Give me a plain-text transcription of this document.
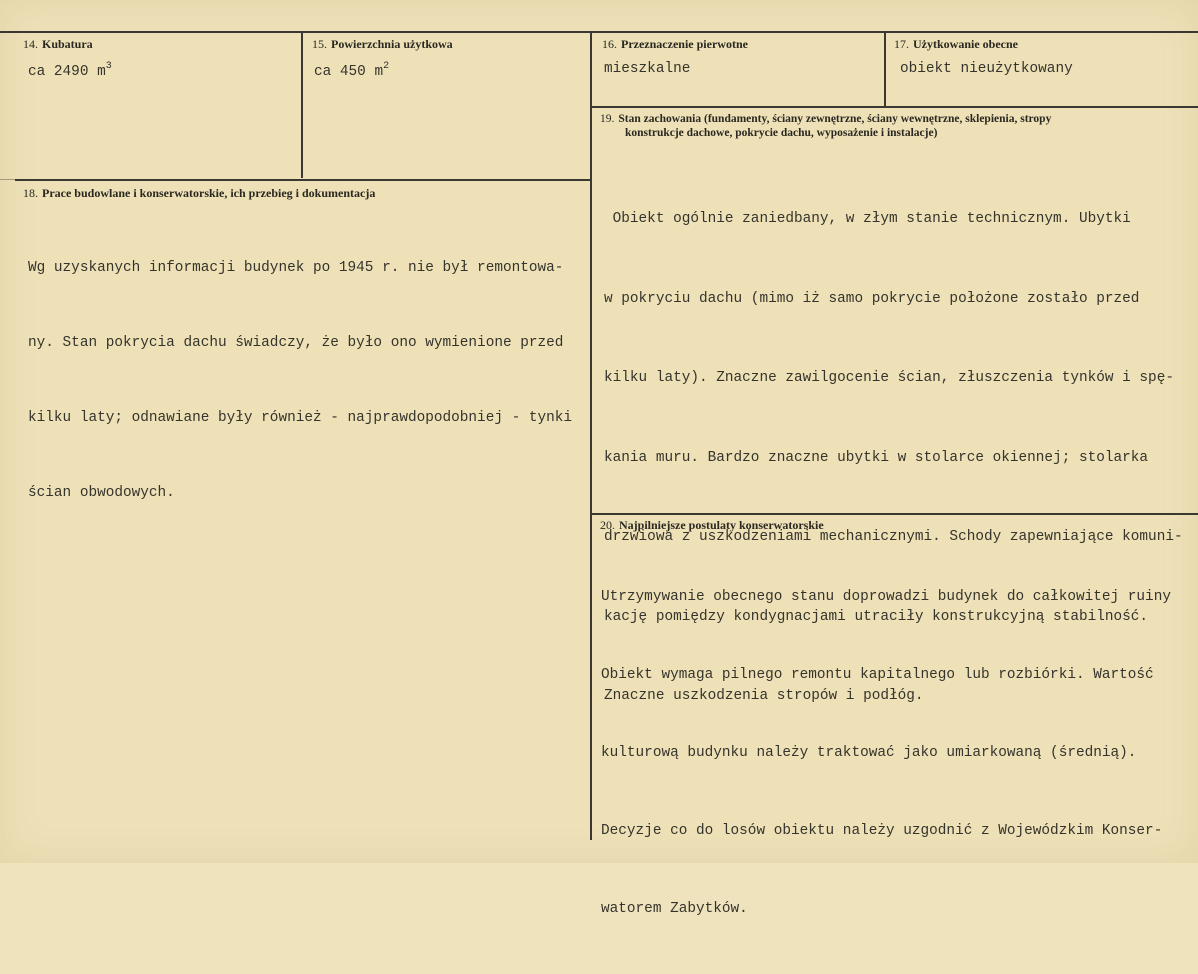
14. Kubatura
ca 2490 $m^3$
15. Powierzchnia użytkowa
ca 450 $m^2$
16. Przeznaczenie pierwotne
mieszkalne
17. Użytkowanie obecne
obiekt nieużytkowany
19. Stan zachowania (fundamenty, ściany zewnętrzne, ściany wewnętrzne, sklepienia, stropy
konstrukcje dachowe, pokrycie dachu, wyposażenie i instalacje)

Obiekt ogólnie zaniedbany, w złym stanie technicznym. Ubytki

w pokryciu dachu (mimo iż samo pokrycie położone zostało przed

kilku laty). Znaczne zawilgocenie ścian, złuszczenia tynków i spę-

kania muru. Bardzo znaczne ubytki w stolarce okiennej; stolarka

drzwiowa z uszkodzeniami mechanicznymi. Schody zapewniające komuni-

kację pomiędzy kondygnacjami utraciły konstrukcyjną stabilność.

Znaczne uszkodzenia stropów i podłóg.

18. Prace budowlane i konserwatorskie, ich przebieg i dokumentacja

Wg uzyskanych informacji budynek po 1945 r. nie był remontowa-

ny. Stan pokrycia dachu świadczy, że było ono wymienione przed

kilku laty; odnawiane były również - najprawdopodobniej - tynki

ścian obwodowych.

20. Najpilniejsze postulaty konserwatorskie

Utrzymywanie obecnego stanu doprowadzi budynek do całkowitej ruiny

Obiekt wymaga pilnego remontu kapitalnego lub rozbiórki. Wartość

kulturową budynku należy traktować jako umiarkowaną (średnią).

Decyzje co do losów obiektu należy uzgodnić z Wojewódzkim Konser-

watorem Zabytków.
